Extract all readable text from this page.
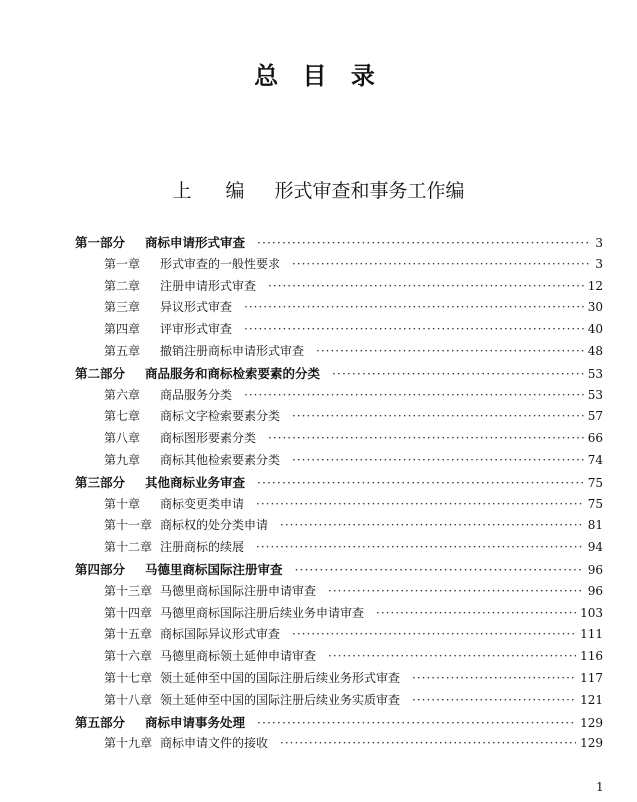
总 目 录
上 编 形式审查和事务工作编
第一部分	商标申请形式审查 ·····	3
第一章	形式审查的一般性要求 ·····	3
第二章	注册申请形式审查 ·····	12
第三章	异议形式审查 ·····	30
第四章	评审形式审查 ·····	40
第五章	撤销注册商标申请形式审查 ·····	48
第二部分	商品服务和商标检索要素的分类 ·····	53
第六章	商品服务分类 ·····	53
第七章	商标文字检索要素分类 ·····	57
第八章	商标图形要素分类 ·····	66
第九章	商标其他检索要素分类 ·····	74
第三部分	其他商标业务审查 ·····	75
第十章	商标变更类申请 ·····	75
第十一章 商标权的处分类申请 ·····	81
第十二章 注册商标的续展 ·····	94
第四部分	马德里商标国际注册审查 ·····	96
第十三章 马德里商标国际注册申请审查 ·····	96
第十四章 马德里商标国际注册后续业务申请审查 ·····	103
第十五章 商标国际异议形式审查 ·····	111
第十六章 马德里商标领土延伸申请审查 ·····	116
第十七章 领土延伸至中国的国际注册后续业务形式审查 ·····	117
第十八章 领土延伸至中国的国际注册后续业务实质审查 ·····	121
第五部分	商标申请事务处理 ·····	129
第十九章 商标申请文件的接收 ·····	129
1
